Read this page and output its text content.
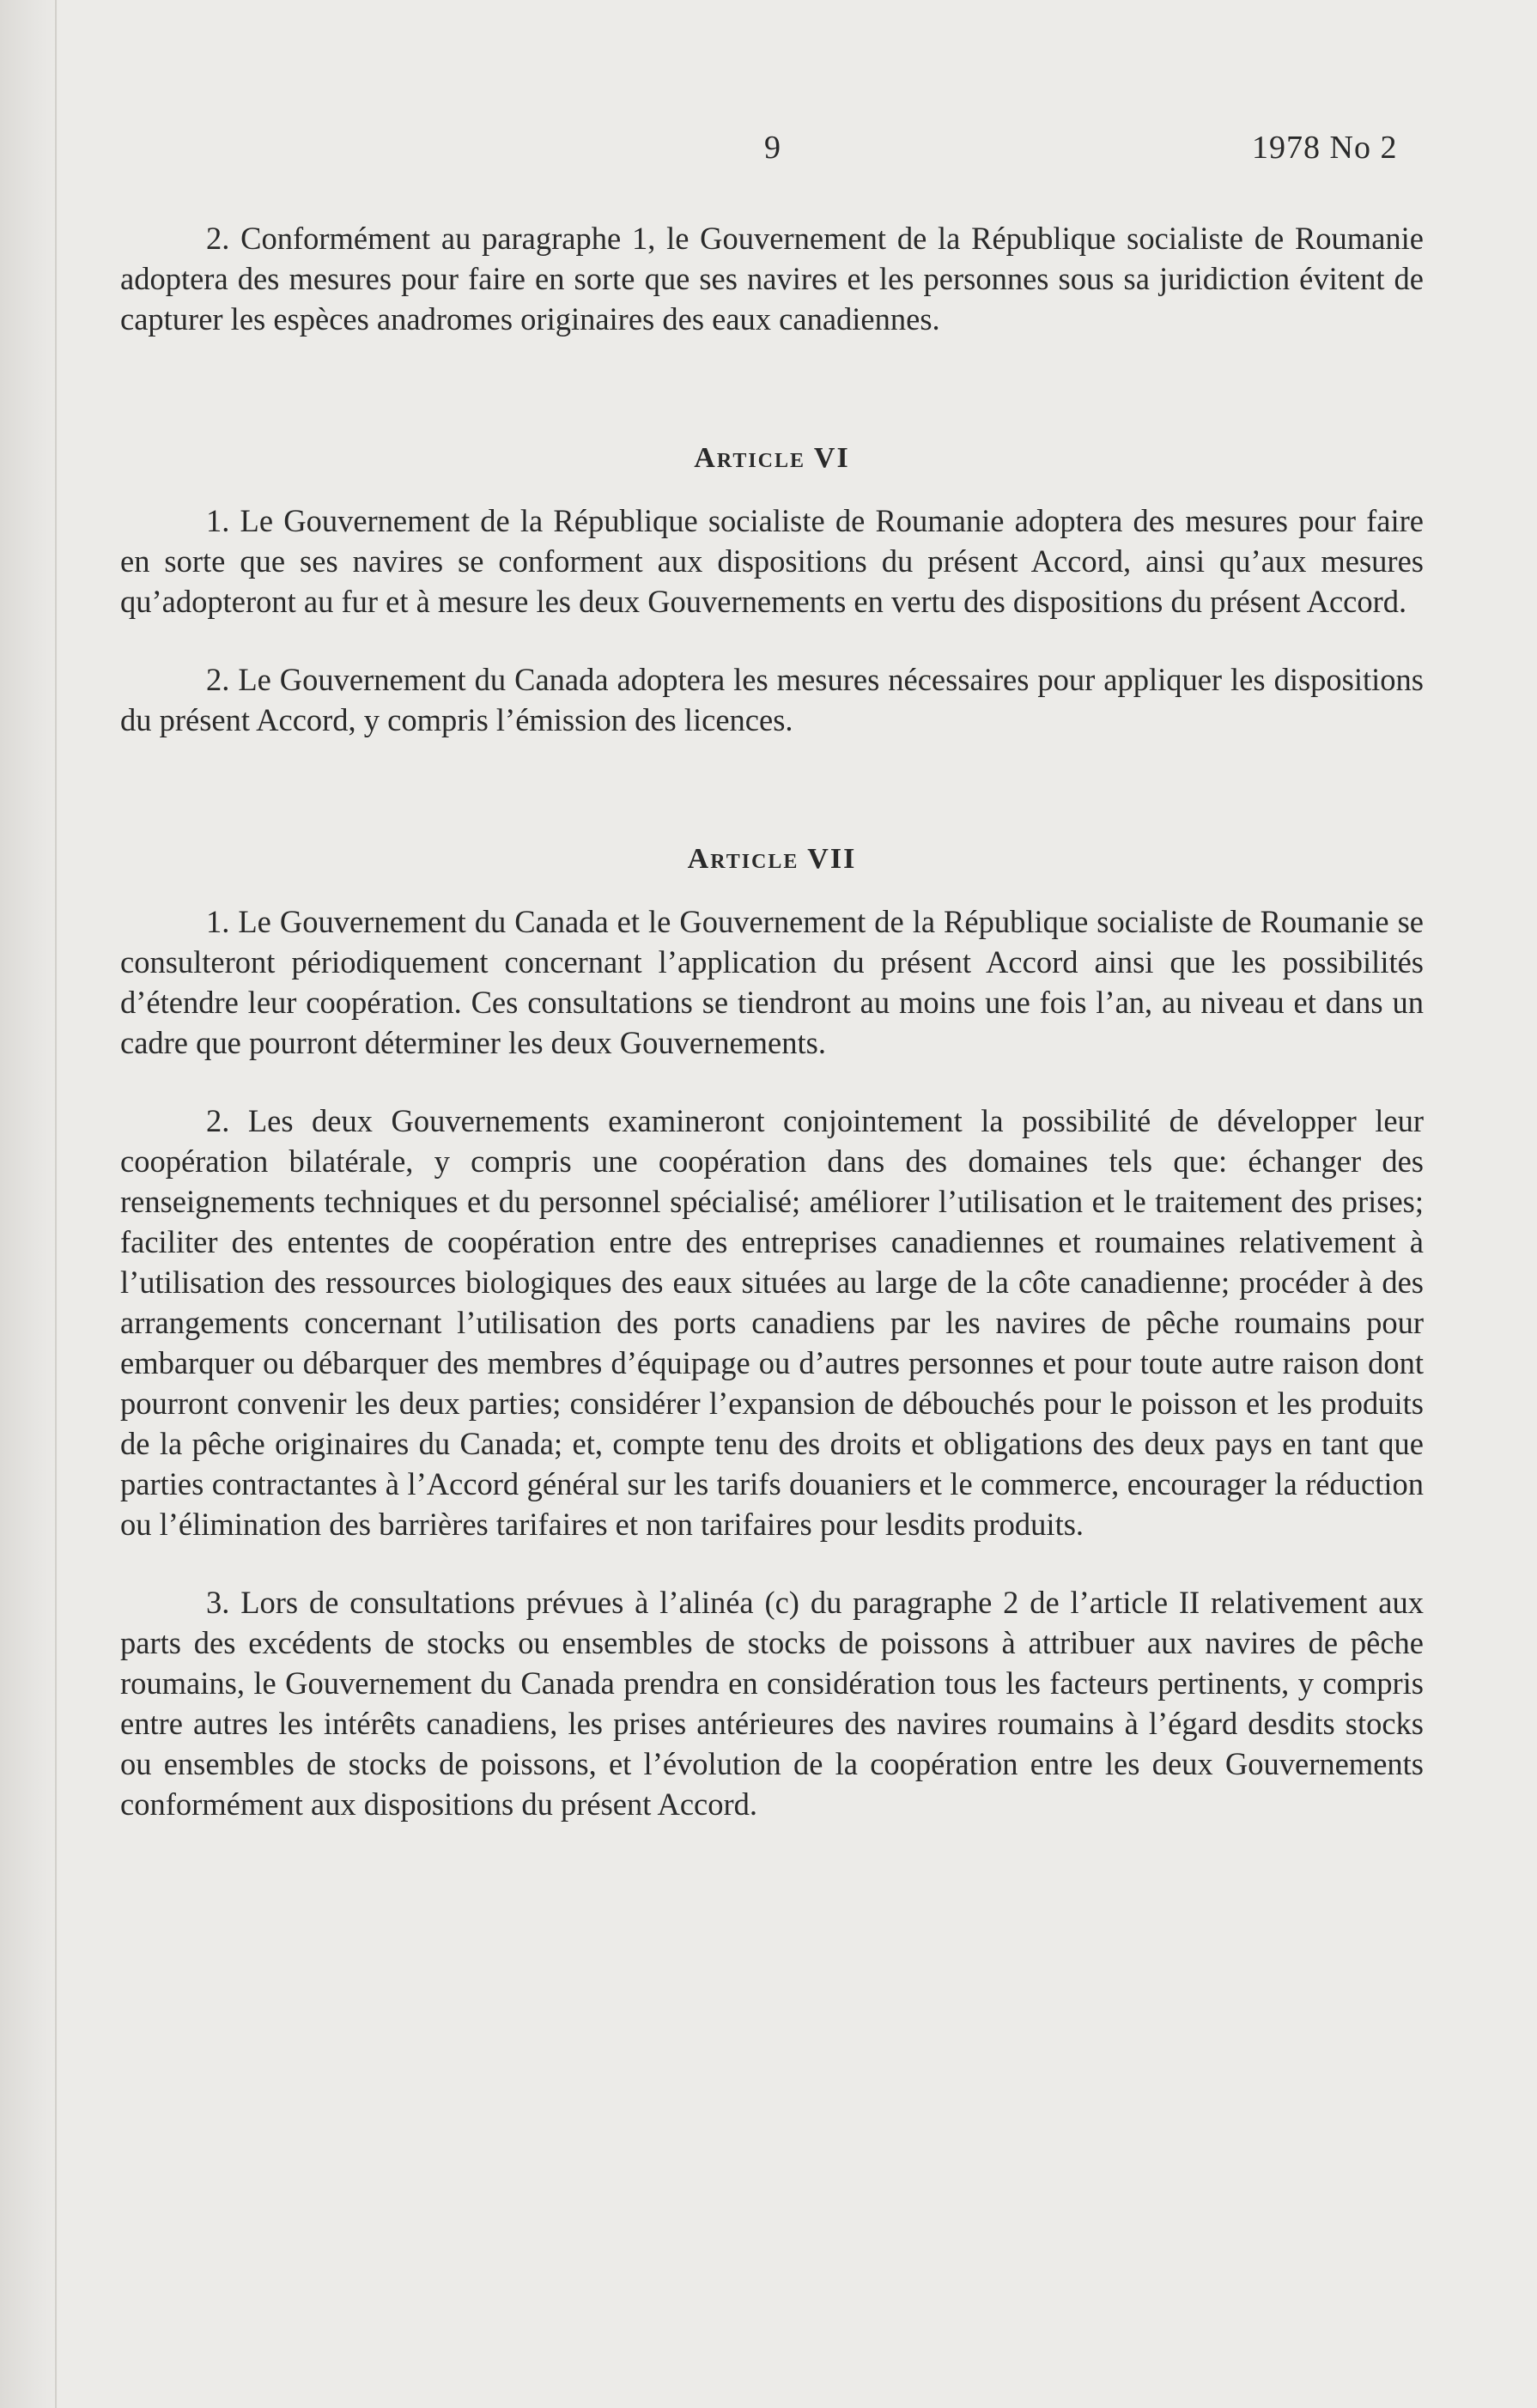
9	1978 No 2

2. Conformément au paragraphe 1, le Gouvernement de la République socialiste de Roumanie adoptera des mesures pour faire en sorte que ses navires et les personnes sous sa juridiction évitent de capturer les espèces anadromes originaires des eaux canadiennes.

Article VI

1. Le Gouvernement de la République socialiste de Roumanie adoptera des mesures pour faire en sorte que ses navires se conforment aux dispositions du présent Accord, ainsi qu’aux mesures qu’adopteront au fur et à mesure les deux Gouvernements en vertu des dispositions du présent Accord.

2. Le Gouvernement du Canada adoptera les mesures nécessaires pour appliquer les dispositions du présent Accord, y compris l’émission des licences.

Article VII

1. Le Gouvernement du Canada et le Gouvernement de la République socialiste de Roumanie se consulteront périodiquement concernant l’application du présent Accord ainsi que les possibilités d’étendre leur coopération. Ces consultations se tiendront au moins une fois l’an, au niveau et dans un cadre que pourront déterminer les deux Gouvernements.

2. Les deux Gouvernements examineront conjointement la possibilité de développer leur coopération bilatérale, y compris une coopération dans des domaines tels que: échanger des renseignements techniques et du personnel spécialisé; améliorer l’utilisation et le traitement des prises; faciliter des ententes de coopération entre des entreprises canadiennes et roumaines relativement à l’utilisation des ressources biologiques des eaux situées au large de la côte canadienne; procéder à des arrangements concernant l’utilisation des ports canadiens par les navires de pêche roumains pour embarquer ou débarquer des membres d’équipage ou d’autres personnes et pour toute autre raison dont pourront convenir les deux parties; considérer l’expansion de débouchés pour le poisson et les produits de la pêche originaires du Canada; et, compte tenu des droits et obligations des deux pays en tant que parties contractantes à l’Accord général sur les tarifs douaniers et le commerce, encourager la réduction ou l’élimination des barrières tarifaires et non tarifaires pour lesdits produits.

3. Lors de consultations prévues à l’alinéa (c) du paragraphe 2 de l’article II relativement aux parts des excédents de stocks ou ensembles de stocks de poissons à attribuer aux navires de pêche roumains, le Gouvernement du Canada prendra en considération tous les facteurs pertinents, y compris entre autres les intérêts canadiens, les prises antérieures des navires roumains à l’égard desdits stocks ou ensembles de stocks de poissons, et l’évolution de la coopération entre les deux Gouvernements conformément aux dispositions du présent Accord.
